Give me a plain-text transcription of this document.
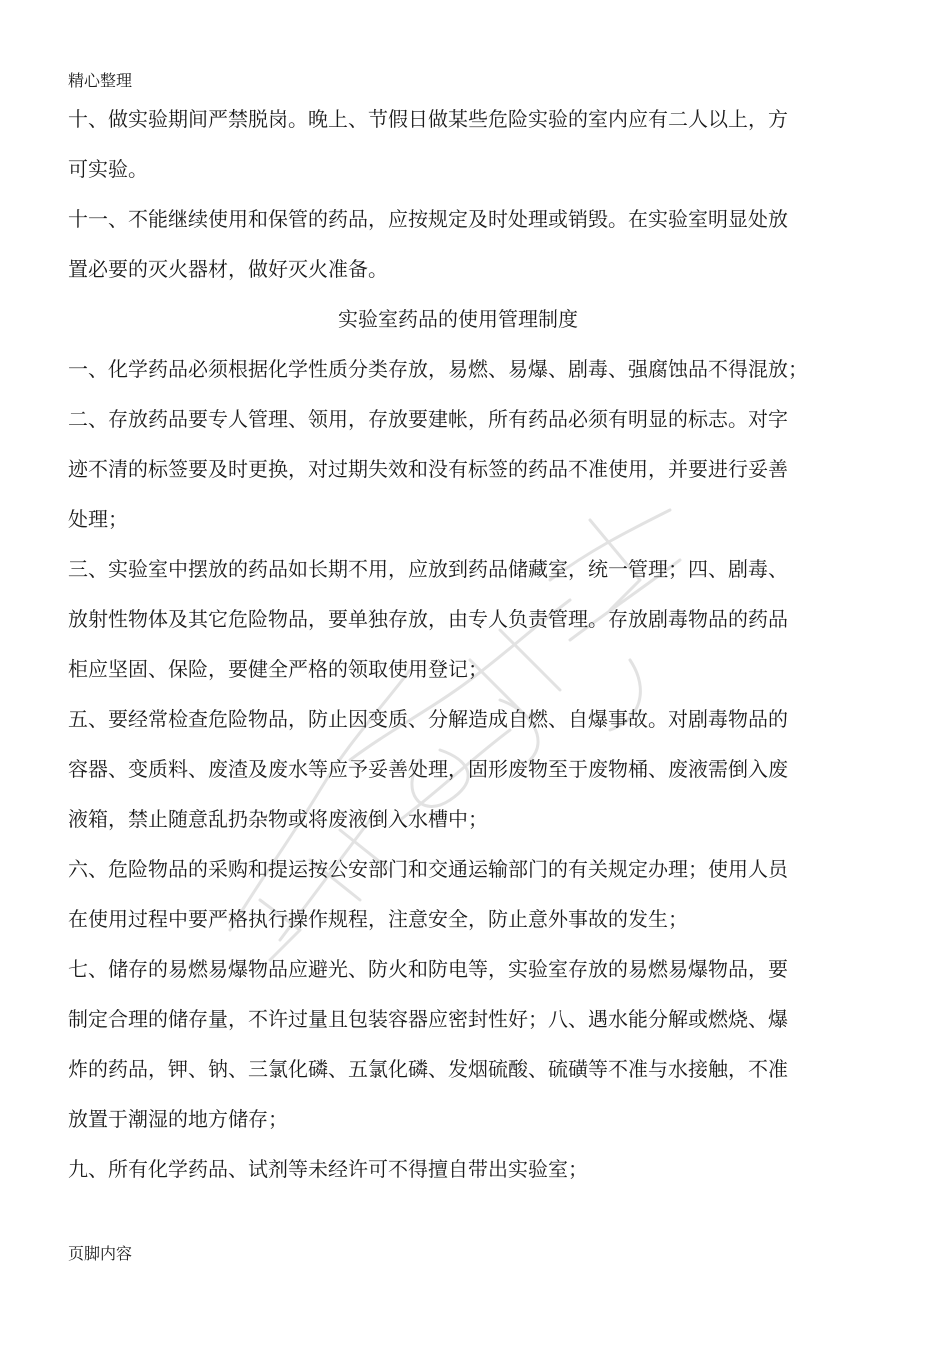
精心整理
十、做实验期间严禁脱岗。晚上、节假日做某些危险实验的室内应有二人以上，方
可实验。
十一、不能继续使用和保管的药品，应按规定及时处理或销毁。在实验室明显处放
置必要的灭火器材，做好灭火准备。
实验室药品的使用管理制度
一、化学药品必须根据化学性质分类存放，易燃、易爆、剧毒、强腐蚀品不得混放；
二、存放药品要专人管理、领用，存放要建帐，所有药品必须有明显的标志。对字
迹不清的标签要及时更换，对过期失效和没有标签的药品不准使用，并要进行妥善
处理；
三、实验室中摆放的药品如长期不用，应放到药品储藏室，统一管理；四、剧毒、
放射性物体及其它危险物品，要单独存放，由专人负责管理。存放剧毒物品的药品
柜应坚固、保险，要健全严格的领取使用登记；
五、要经常检查危险物品，防止因变质、分解造成自燃、自爆事故。对剧毒物品的
容器、变质料、废渣及废水等应予妥善处理，固形废物至于废物桶、废液需倒入废
液箱，禁止随意乱扔杂物或将废液倒入水槽中；
六、危险物品的采购和提运按公安部门和交通运输部门的有关规定办理；使用人员
在使用过程中要严格执行操作规程，注意安全，防止意外事故的发生；
七、储存的易燃易爆物品应避光、防火和防电等，实验室存放的易燃易爆物品，要
制定合理的储存量，不许过量且包装容器应密封性好；八、遇水能分解或燃烧、爆
炸的药品，钾、钠、三氯化磷、五氯化磷、发烟硫酸、硫磺等不准与水接触，不准
放置于潮湿的地方储存；
九、所有化学药品、试剂等未经许可不得擅自带出实验室；
页脚内容
